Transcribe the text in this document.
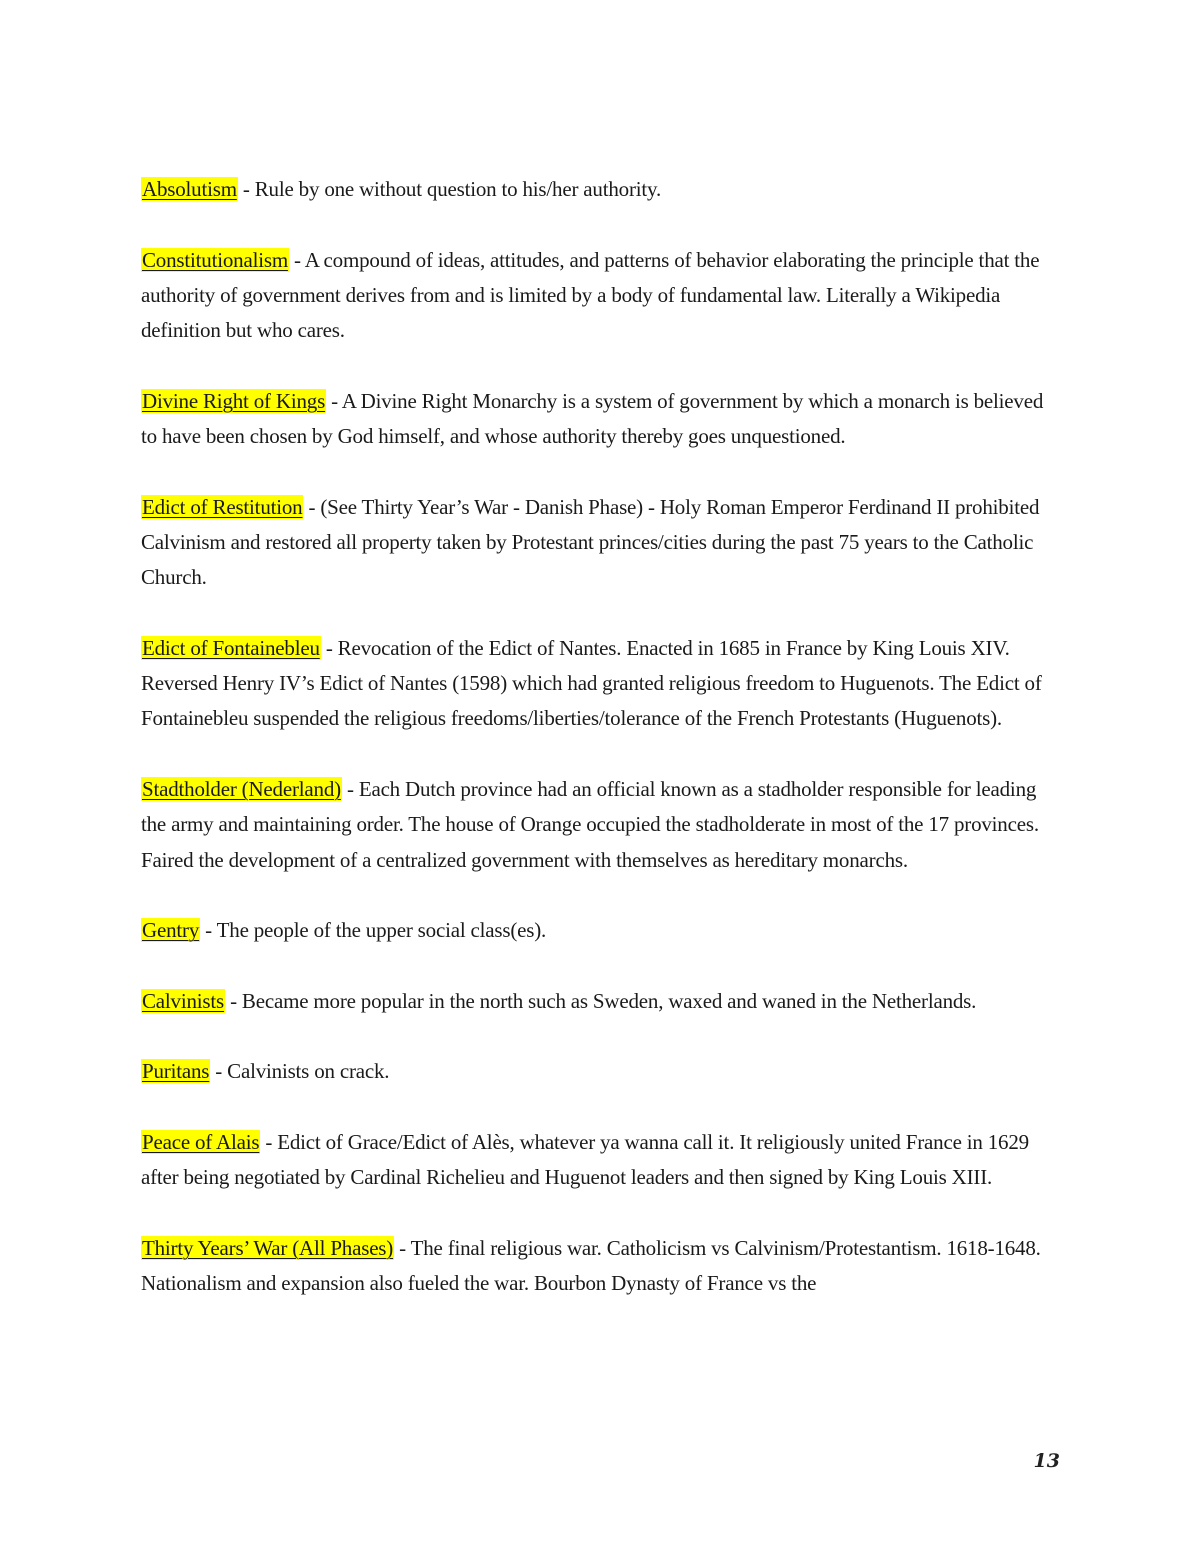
Absolutism - Rule by one without question to his/her authority.

Constitutionalism - A compound of ideas, attitudes, and patterns of behavior elaborating the principle that the authority of government derives from and is limited by a body of fundamental law. Literally a Wikipedia definition but who cares.

Divine Right of Kings - A Divine Right Monarchy is a system of government by which a monarch is believed to have been chosen by God himself, and whose authority thereby goes unquestioned.

Edict of Restitution - (See Thirty Year’s War - Danish Phase) - Holy Roman Emperor Ferdinand II prohibited Calvinism and restored all property taken by Protestant princes/cities during the past 75 years to the Catholic Church.

Edict of Fontainebleu - Revocation of the Edict of Nantes. Enacted in 1685 in France by King Louis XIV. Reversed Henry IV’s Edict of Nantes (1598) which had granted religious freedom to Huguenots. The Edict of Fontainebleu suspended the religious freedoms/liberties/tolerance of the French Protestants (Huguenots).

Stadtholder (Nederland) - Each Dutch province had an official known as a stadholder responsible for leading the army and maintaining order. The house of Orange occupied the stadholderate in most of the 17 provinces. Faired the development of a centralized government with themselves as hereditary monarchs.

Gentry - The people of the upper social class(es).

Calvinists - Became more popular in the north such as Sweden, waxed and waned in the Netherlands.

Puritans - Calvinists on crack.

Peace of Alais - Edict of Grace/Edict of Alès, whatever ya wanna call it. It religiously united France in 1629 after being negotiated by Cardinal Richelieu and Huguenot leaders and then signed by King Louis XIII.

Thirty Years’ War (All Phases) - The final religious war. Catholicism vs Calvinism/Protestantism. 1618-1648. Nationalism and expansion also fueled the war. Bourbon Dynasty of France vs the

13
